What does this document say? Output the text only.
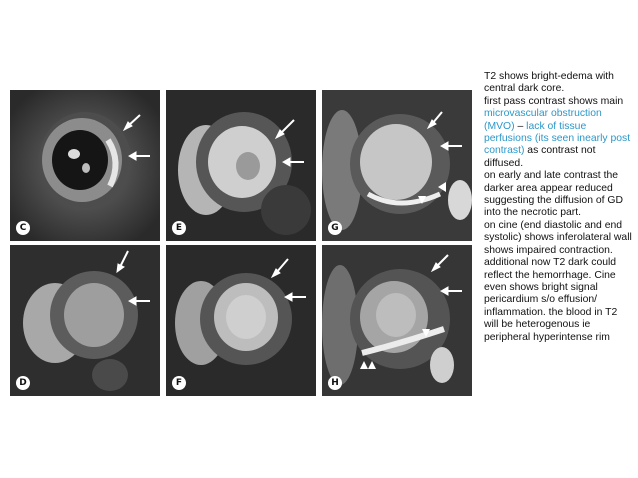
C	E	G
D	F	H

T2 shows bright-edema with central dark core.

first pass contrast shows main microvascular obstruction (MVO) – lack of tissue perfusions (its seen inearly post contrast) as contrast not diffused.

on early and late contrast the darker area appear reduced suggesting the diffusion of GD into the necrotic part.

on cine (end diastolic and end systolic) shows inferolateral wall shows impaired contraction.

additional now T2 dark could reflect the hemorrhage. Cine even shows bright signal pericardium s/o effusion/ inflammation. the blood in T2 will be heterogenous ie peripheral hyperintense rim
